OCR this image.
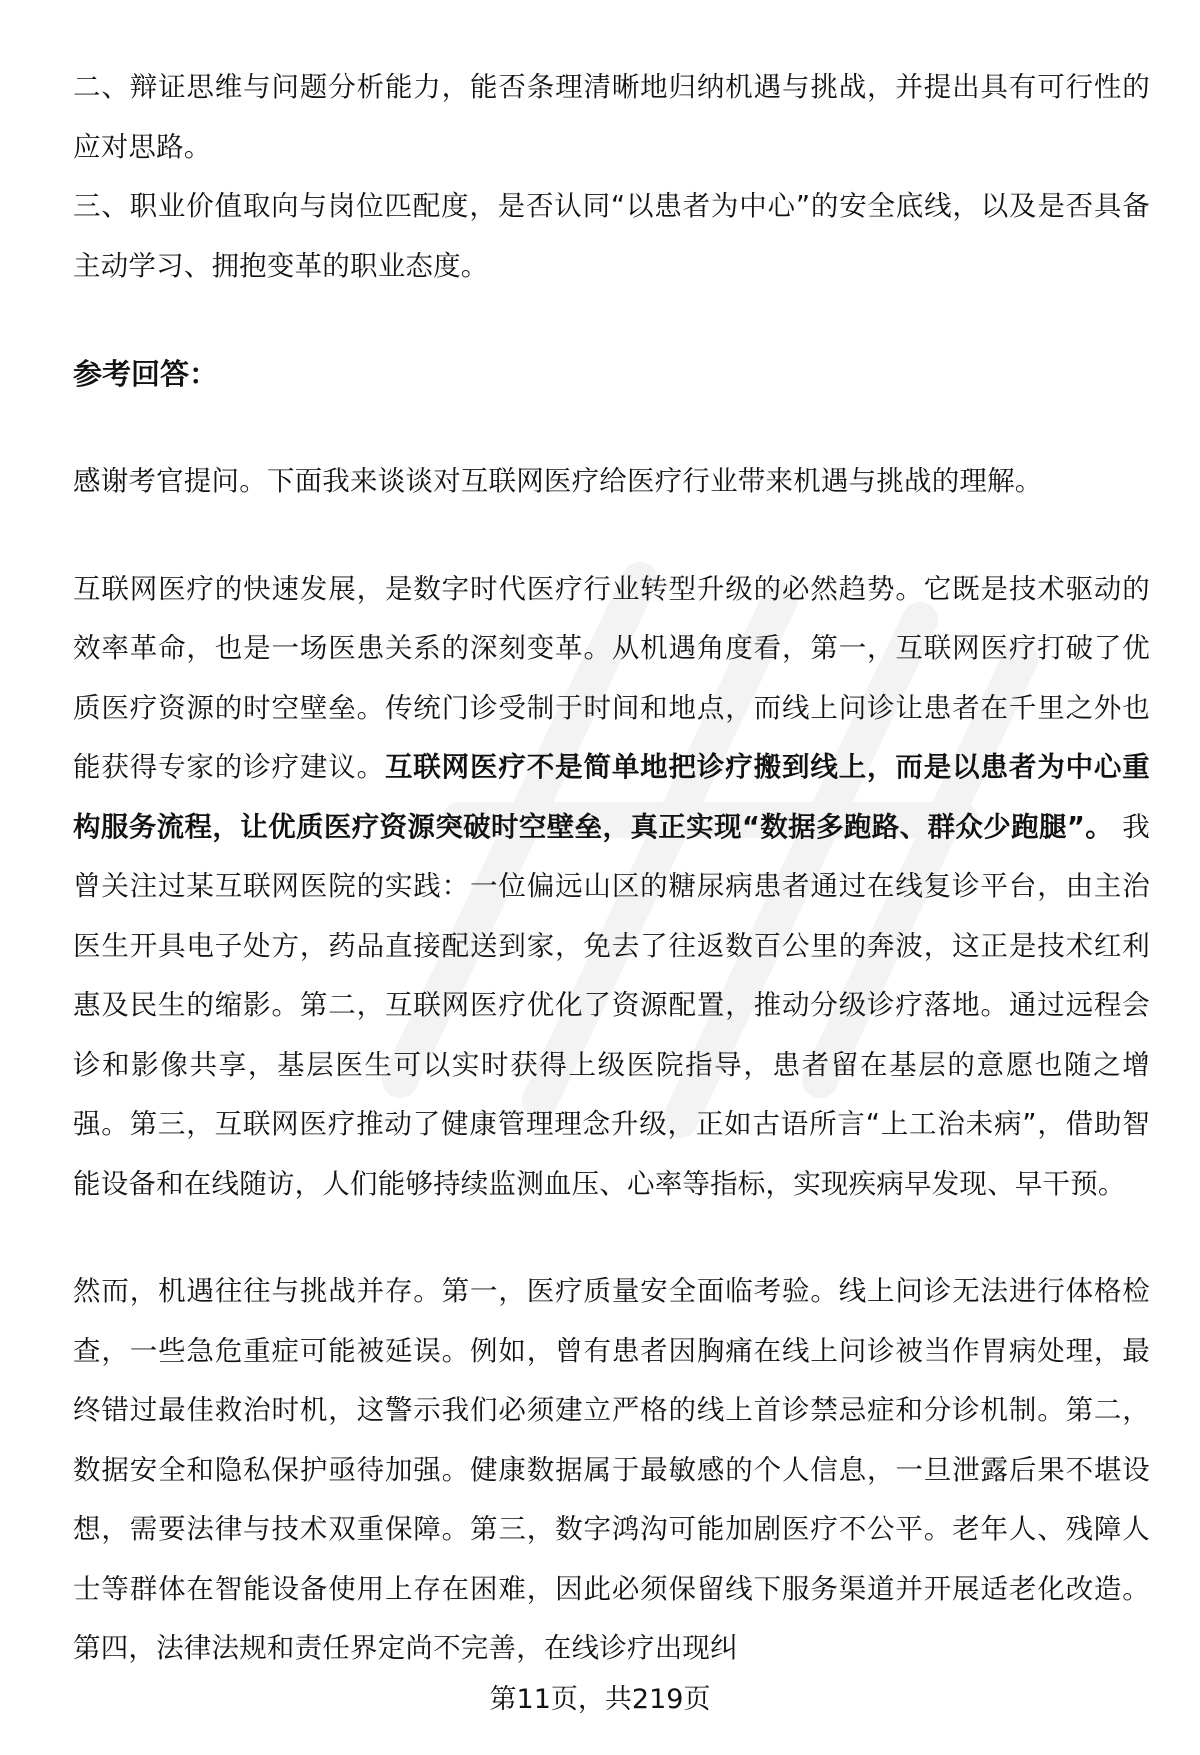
二、辩证思维与问题分析能力，能否条理清晰地归纳机遇与挑战，并提出具有可行性的应对思路。

三、职业价值取向与岗位匹配度，是否认同“以患者为中心”的安全底线，以及是否具备主动学习、拥抱变革的职业态度。

参考回答：

感谢考官提问。下面我来谈谈对互联网医疗给医疗行业带来机遇与挑战的理解。

互联网医疗的快速发展，是数字时代医疗行业转型升级的必然趋势。它既是技术驱动的效率革命，也是一场医患关系的深刻变革。从机遇角度看，第一，互联网医疗打破了优质医疗资源的时空壁垒。传统门诊受制于时间和地点，而线上问诊让患者在千里之外也能获得专家的诊疗建议。互联网医疗不是简单地把诊疗搬到线上，而是以患者为中心重构服务流程，让优质医疗资源突破时空壁垒，真正实现“数据多跑路、群众少跑腿”。 我曾关注过某互联网医院的实践：一位偏远山区的糖尿病患者通过在线复诊平台，由主治医生开具电子处方，药品直接配送到家，免去了往返数百公里的奔波，这正是技术红利惠及民生的缩影。第二，互联网医疗优化了资源配置，推动分级诊疗落地。通过远程会诊和影像共享，基层医生可以实时获得上级医院指导，患者留在基层的意愿也随之增强。第三，互联网医疗推动了健康管理理念升级，正如古语所言“上工治未病”，借助智能设备和在线随访，人们能够持续监测血压、心率等指标，实现疾病早发现、早干预。

然而，机遇往往与挑战并存。第一，医疗质量安全面临考验。线上问诊无法进行体格检查，一些急危重症可能被延误。例如，曾有患者因胸痛在线上问诊被当作胃病处理，最终错过最佳救治时机，这警示我们必须建立严格的线上首诊禁忌症和分诊机制。第二，数据安全和隐私保护亟待加强。健康数据属于最敏感的个人信息，一旦泄露后果不堪设想，需要法律与技术双重保障。第三，数字鸿沟可能加剧医疗不公平。老年人、残障人士等群体在智能设备使用上存在困难，因此必须保留线下服务渠道并开展适老化改造。第四，法律法规和责任界定尚不完善，在线诊疗出现纠

第11页，共219页
